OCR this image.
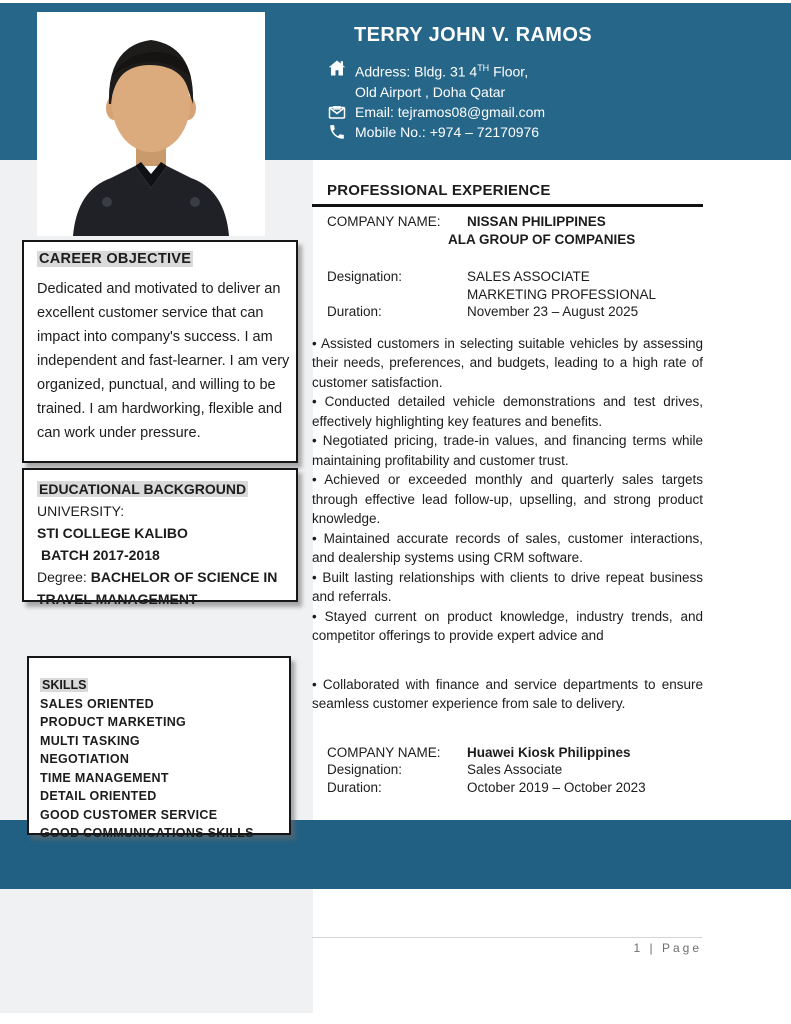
TERRY JOHN V. RAMOS
Address: Bldg. 31 4TH Floor,
Old Airport , Doha Qatar
Email: tejramos08@gmail.com
Mobile No.: +974 – 72170976
CAREER OBJECTIVE

Dedicated and motivated to deliver an excellent customer service that can impact into company's success. I am independent and fast-learner. I am very organized, punctual, and willing to be trained. I am hardworking, flexible and can work under pressure.

EDUCATIONAL BACKGROUND
UNIVERSITY:
STI COLLEGE KALIBO
BATCH 2017-2018
Degree: BACHELOR OF SCIENCE IN TRAVEL MANAGEMENT
SKILLS
SALES ORIENTED
PRODUCT MARKETING
MULTI TASKING
NEGOTIATION
TIME MANAGEMENT
DETAIL ORIENTED
GOOD CUSTOMER SERVICE
GOOD COMMUNICATIONS SKILLS
PROFESSIONAL EXPERIENCE
COMPANY NAME:	NISSAN PHILIPPINES
ALA GROUP OF COMPANIES
Designation:	SALES ASSOCIATE
MARKETING PROFESSIONAL
Duration:	November 23 – August 2025

• Assisted customers in selecting suitable vehicles by assessing their needs, preferences, and budgets, leading to a high rate of customer satisfaction.

• Conducted detailed vehicle demonstrations and test drives, effectively highlighting key features and benefits.

• Negotiated pricing, trade-in values, and financing terms while maintaining profitability and customer trust.

• Achieved or exceeded monthly and quarterly sales targets through effective lead follow-up, upselling, and strong product knowledge.

• Maintained accurate records of sales, customer interactions, and dealership systems using CRM software.

• Built lasting relationships with clients to drive repeat business and referrals.

• Stayed current on product knowledge, industry trends, and competitor offerings to provide expert advice and

• Collaborated with finance and service departments to ensure seamless customer experience from sale to delivery.

COMPANY NAME:	Huawei Kiosk Philippines
Designation:	Sales Associate
Duration:	October 2019 – October 2023
1 | Page
